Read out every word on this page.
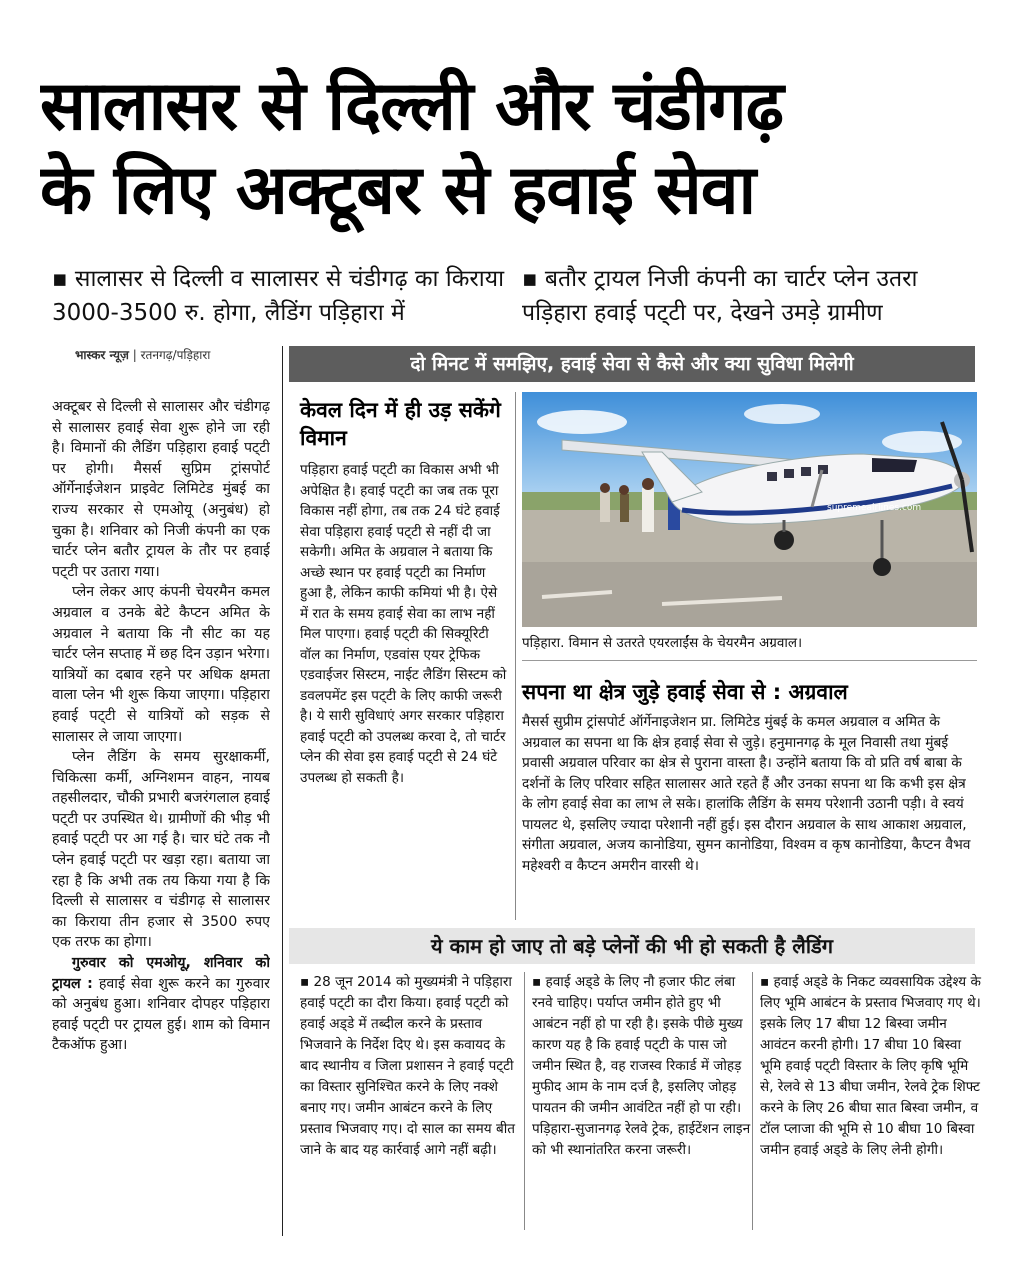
सालासर से दिल्ली और चंडीगढ़
के लिए अक्टूबर से हवाई सेवा
▪ सालासर से दिल्ली व सालासर से चंडीगढ़ का किराया 3000-3500 रु. होगा, लैडिंग पड़िहारा में
▪ बतौर ट्रायल निजी कंपनी का चार्टर प्लेन उतरा पड़िहारा हवाई पट्‌टी पर, देखने उमड़े ग्रामीण
भास्कर न्यूज़ | रतनगढ़/पड़िहारा

अक्टूबर से दिल्ली से सालासर और चंडीगढ़ से सालासर हवाई सेवा शुरू होने जा रही है। विमानों की लैडिंग पड़िहारा हवाई पट्‌टी पर होगी। मैसर्स सुप्रिम ट्रांसपोर्ट ऑर्गेनाईजेशन प्राइवेट लिमिटेड मुंबई का राज्य सरकार से एमओयू (अनुबंध) हो चुका है। शनिवार को निजी कंपनी का एक चार्टर प्लेन बतौर ट्रायल के तौर पर हवाई पट्‌टी पर उतारा गया।

प्लेन लेकर आए कंपनी चेयरमैन कमल अग्रवाल व उनके बेटे कैप्टन अमित के अग्रवाल ने बताया कि नौ सीट का यह चार्टर प्लेन सप्ताह में छह दिन उड़ान भरेगा। यात्रियों का दबाव रहने पर अधिक क्षमता वाला प्लेन भी शुरू किया जाएगा। पड़िहारा हवाई पट्‌टी से यात्रियों को सड़क से सालासर ले जाया जाएगा।

प्लेन लैडिंग के समय सुरक्षाकर्मी, चिकित्सा कर्मी, अग्निशमन वाहन, नायब तहसीलदार, चौकी प्रभारी बजरंगलाल हवाई पट्‌टी पर उपस्थित थे। ग्रामीणों की भीड़ भी हवाई पट्‌टी पर आ गई है। चार घंटे तक नौ प्लेन हवाई पट्‌टी पर खड़ा रहा। बताया जा रहा है कि अभी तक तय किया गया है कि दिल्ली से सालासर व चंडीगढ़ से सालासर का किराया तीन हजार से 3500 रुपए एक तरफ का होगा।

गुरुवार को एमओयू, शनिवार को ट्रायल : हवाई सेवा शुरू करने का गुरुवार को अनुबंध हुआ। शनिवार दोपहर पड़िहारा हवाई पट्‌टी पर ट्रायल हुई। शाम को विमान टैकऑफ हुआ।

दो मिनट में समझिए, हवाई सेवा से कैसे और क्या सुविधा मिलेगी
केवल दिन में ही उड़ सकेंगे विमान
पड़िहारा हवाई पट्‌टी का विकास अभी भी अपेक्षित है। हवाई पट्‌टी का जब तक पूरा विकास नहीं होगा, तब तक 24 घंटे हवाई सेवा पड़िहारा हवाई पट्‌टी से नहीं दी जा सकेगी। अमित के अग्रवाल ने बताया कि अच्छे स्थान पर हवाई पट्‌टी का निर्माण हुआ है, लेकिन काफी कमियां भी है। ऐसे में रात के समय हवाई सेवा का लाभ नहीं मिल पाएगा। हवाई पट्‌टी की सिक्यूरिटी वॉल का निर्माण, एडवांस एयर ट्रेफिक एडवाईजर सिस्टम, नाईट लैडिंग सिस्टम को डवलपमेंट इस पट्‌टी के लिए काफी जरूरी है। ये सारी सुविधाएं अगर सरकार पड़िहारा हवाई पट्‌टी को उपलब्ध करवा दे, तो चार्टर प्लेन की सेवा इस हवाई पट्‌टी से 24 घंटे उपलब्ध हो सकती है।
supremeairlines.com
पड़िहारा. विमान से उतरते एयरलाईंस के चेयरमैन अग्रवाल।
सपना था क्षेत्र जुड़े हवाई सेवा से : अग्रवाल
मैसर्स सुप्रीम ट्रांसपोर्ट ऑर्गेनाइजेशन प्रा. लिमिटेड मुंबई के कमल अग्रवाल व अमित के अग्रवाल का सपना था कि क्षेत्र हवाई सेवा से जुड़े। हनुमानगढ़ के मूल निवासी तथा मुंबई प्रवासी अग्रवाल परिवार का क्षेत्र से पुराना वास्ता है। उन्होंने बताया कि वो प्रति वर्ष बाबा के दर्शनों के लिए परिवार सहित सालासर आते रहते हैं और उनका सपना था कि कभी इस क्षेत्र के लोग हवाई सेवा का लाभ ले सके। हालांकि लैडिंग के समय परेशानी उठानी पड़ी। वे स्वयं पायलट थे, इसलिए ज्यादा परेशानी नहीं हुई। इस दौरान अग्रवाल के साथ आकाश अग्रवाल, संगीता अग्रवाल, अजय कानोडिया, सुमन कानोडिया, विश्वम व कृष कानोडिया, कैप्टन वैभव महेश्वरी व कैप्टन अमरीन वारसी थे।
ये काम हो जाए तो बड़े प्लेनों की भी हो सकती है लैडिंग
▪ 28 जून 2014 को मुख्यमंत्री ने पड़िहारा हवाई पट्‌टी का दौरा किया। हवाई पट्‌टी को हवाई अड्‌डे में तब्दील करने के प्रस्ताव भिजवाने के निर्देश दिए थे। इस कवायद के बाद स्थानीय व जिला प्रशासन ने हवाई पट्‌टी का विस्तार सुनिश्चित करने के लिए नक्शे बनाए गए। जमीन आबंटन करने के लिए प्रस्ताव भिजवाए गए। दो साल का समय बीत जाने के बाद यह कार्रवाई आगे नहीं बढ़ी।
▪ हवाई अड्‌डे के लिए नौ हजार फीट लंबा रनवे चाहिए। पर्याप्त जमीन होते हुए भी आबंटन नहीं हो पा रही है। इसके पीछे मुख्य कारण यह है कि हवाई पट्‌टी के पास जो जमीन स्थित है, वह राजस्व रिकार्ड में जोहड़ मुफीद आम के नाम दर्ज है, इसलिए जोहड़ पायतन की जमीन आवंटित नहीं हो पा रही। पड़िहारा-सुजानगढ़ रेलवे ट्रेक, हाईटेंशन लाइन को भी स्थानांतरित करना जरूरी।
▪ हवाई अड्‌डे के निकट व्यवसायिक उद्देश्य के लिए भूमि आबंटन के प्रस्ताव भिजवाए गए थे। इसके लिए 17 बीघा 12 बिस्वा जमीन आवंटन करनी होगी। 17 बीघा 10 बिस्वा भूमि हवाई पट्‌टी विस्तार के लिए कृषि भूमि से, रेलवे से 13 बीघा जमीन, रेलवे ट्रेक शिफ्ट करने के लिए 26 बीघा सात बिस्वा जमीन, व टॉल प्लाजा की भूमि से 10 बीघा 10 बिस्वा जमीन हवाई अड्‌डे के लिए लेनी होगी।
